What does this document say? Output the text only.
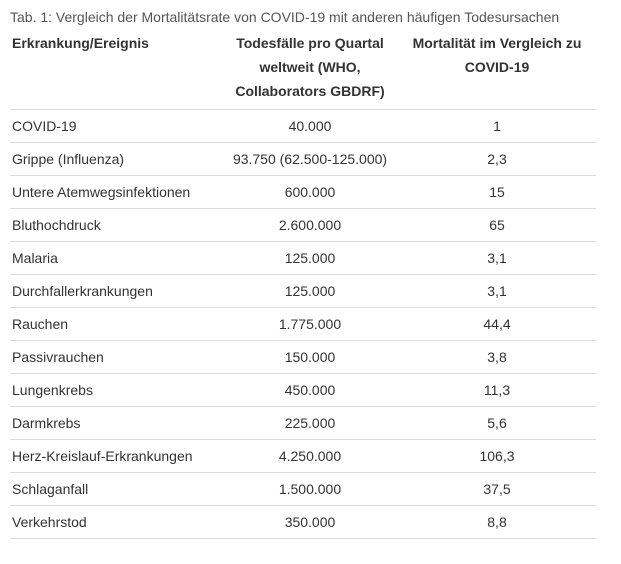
Tab. 1: Vergleich der Mortalitätsrate von COVID-19 mit anderen häufigen Todesursachen
Erkrankung/Ereignis	Todesfälle pro Quartal weltweit (WHO, Collaborators GBDRF)	Mortalität im Vergleich zu COVID-19
COVID-19	40.000	1
Grippe (Influenza)	93.750 (62.500-125.000)	2,3
Untere Atemwegsinfektionen	600.000	15
Bluthochdruck	2.600.000	65
Malaria	125.000	3,1
Durchfallerkrankungen	125.000	3,1
Rauchen	1.775.000	44,4
Passivrauchen	150.000	3,8
Lungenkrebs	450.000	11,3
Darmkrebs	225.000	5,6
Herz-Kreislauf-Erkrankungen	4.250.000	106,3
Schlaganfall	1.500.000	37,5
Verkehrstod	350.000	8,8
